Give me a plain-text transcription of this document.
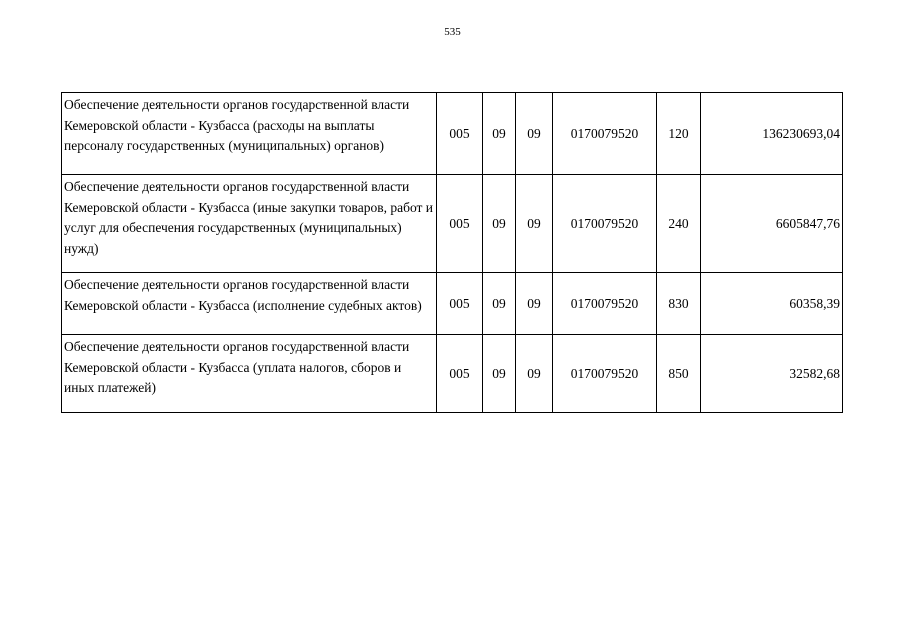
535
Обеспечение деятельности органов государственной власти Кемеровской области - Кузбасса (расходы на выплаты персоналу государственных (муниципальных) органов)	005	09	09	0170079520	120	136230693,04
Обеспечение деятельности органов государственной власти Кемеровской области - Кузбасса (иные закупки товаров, работ и услуг для обеспечения государственных (муниципальных) нужд)	005	09	09	0170079520	240	6605847,76
Обеспечение деятельности органов государственной власти Кемеровской области - Кузбасса (исполнение судебных актов)	005	09	09	0170079520	830	60358,39
Обеспечение деятельности органов государственной власти Кемеровской области - Кузбасса (уплата налогов, сборов и иных платежей)	005	09	09	0170079520	850	32582,68
